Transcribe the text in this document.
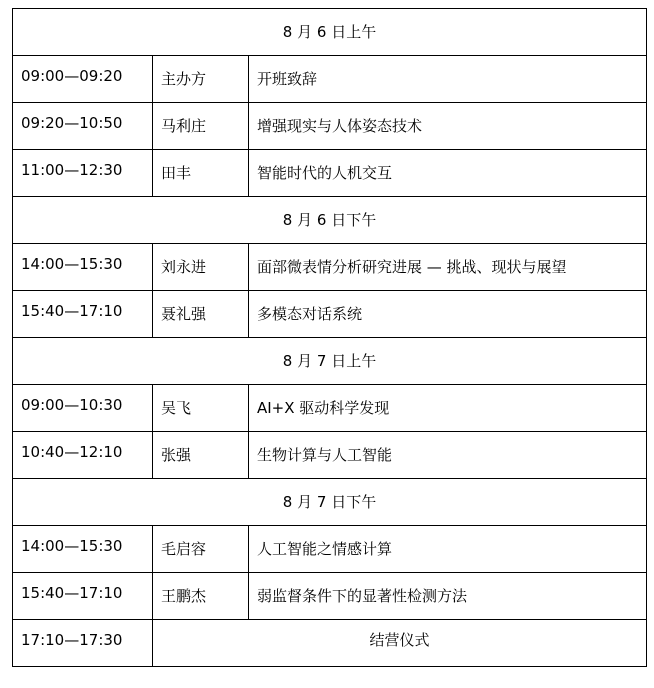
8 月 6 日上午		
09:00—09:20	主办方	开班致辞
09:20—10:50	马利庄	增强现实与人体姿态技术
11:00—12:30	田丰	智能时代的人机交互
8 月 6 日下午		
14:00—15:30	刘永进	面部微表情分析研究进展 — 挑战、现状与展望
15:40—17:10	聂礼强	多模态对话系统
8 月 7 日上午		
09:00—10:30	吴飞	AI+X 驱动科学发现
10:40—12:10	张强	生物计算与人工智能
8 月 7 日下午		
14:00—15:30	毛启容	人工智能之情感计算
15:40—17:10	王鹏杰	弱监督条件下的显著性检测方法
17:10—17:30	结营仪式	
